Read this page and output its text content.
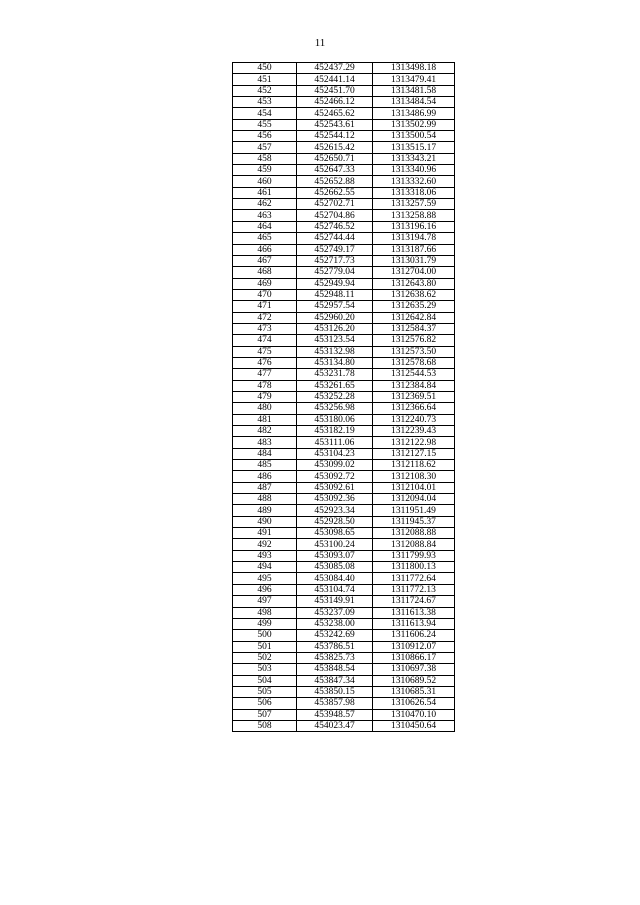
11
450	452437.29	1313498.18
451	452441.14	1313479.41
452	452451.70	1313481.58
453	452466.12	1313484.54
454	452465.62	1313486.99
455	452543.61	1313502.99
456	452544.12	1313500.54
457	452615.42	1313515.17
458	452650.71	1313343.21
459	452647.33	1313340.96
460	452652.88	1313332.60
461	452662.55	1313318.06
462	452702.71	1313257.59
463	452704.86	1313258.88
464	452746.52	1313196.16
465	452744.44	1313194.78
466	452749.17	1313187.66
467	452717.73	1313031.79
468	452779.04	1312704.00
469	452949.94	1312643.80
470	452948.11	1312638.62
471	452957.54	1312635.29
472	452960.20	1312642.84
473	453126.20	1312584.37
474	453123.54	1312576.82
475	453132.98	1312573.50
476	453134.80	1312578.68
477	453231.78	1312544.53
478	453261.65	1312384.84
479	453252.28	1312369.51
480	453256.98	1312366.64
481	453180.06	1312240.73
482	453182.19	1312239.43
483	453111.06	1312122.98
484	453104.23	1312127.15
485	453099.02	1312118.62
486	453092.72	1312108.30
487	453092.61	1312104.01
488	453092.36	1312094.04
489	452923.34	1311951.49
490	452928.50	1311945.37
491	453098.65	1312088.88
492	453100.24	1312088.84
493	453093.07	1311799.93
494	453085.08	1311800.13
495	453084.40	1311772.64
496	453104.74	1311772.13
497	453149.91	1311724.67
498	453237.09	1311613.38
499	453238.00	1311613.94
500	453242.69	1311606.24
501	453786.51	1310912.07
502	453825.73	1310866.17
503	453848.54	1310697.38
504	453847.34	1310689.52
505	453850.15	1310685.31
506	453857.98	1310626.54
507	453948.57	1310470.10
508	454023.47	1310450.64
